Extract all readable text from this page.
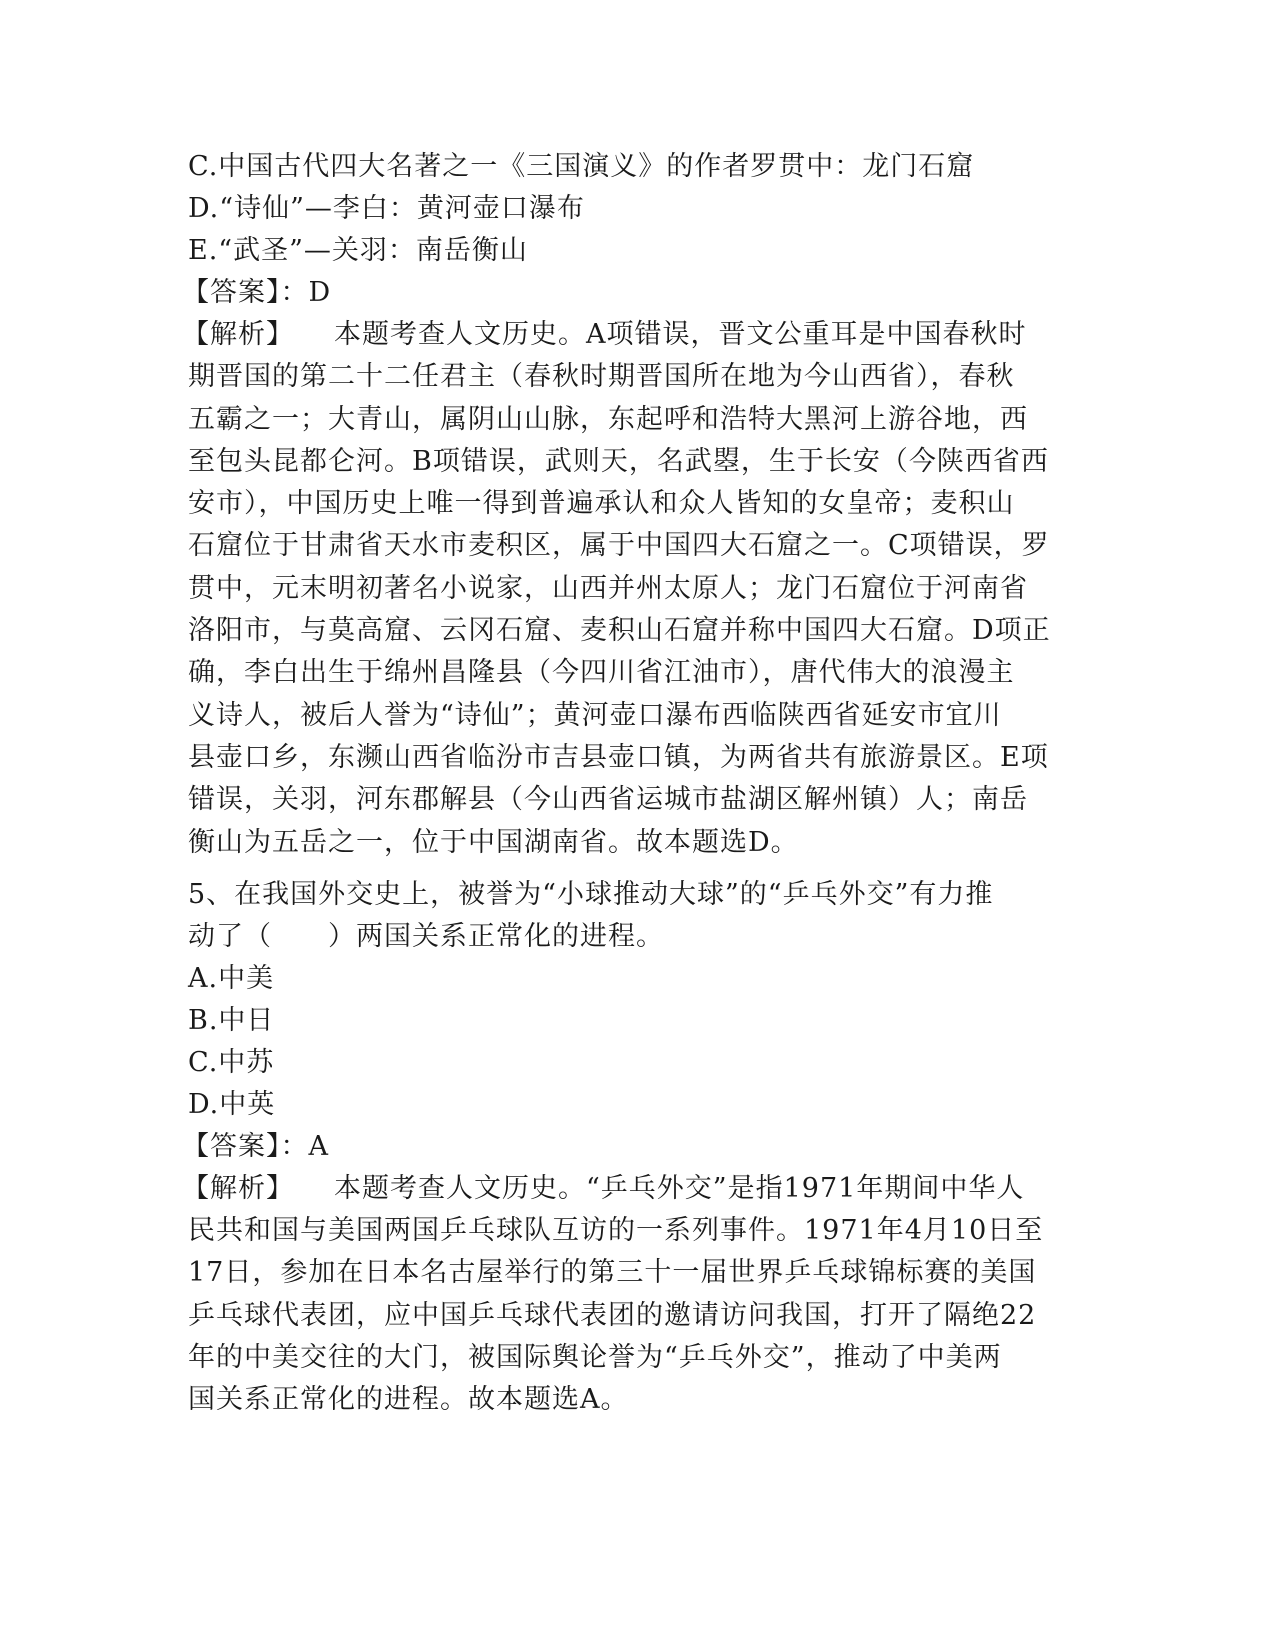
C.中国古代四大名著之一《三国演义》的作者罗贯中：龙门石窟
D.“诗仙”—李白：黄河壶口瀑布
E.“武圣”—关羽：南岳衡山
【答案】：D
【解析】 本题考查人文历史。A项错误，晋文公重耳是中国春秋时
期晋国的第二十二任君主（春秋时期晋国所在地为今山西省），春秋
五霸之一；大青山，属阴山山脉，东起呼和浩特大黑河上游谷地，西
至包头昆都仑河。B项错误，武则天，名武曌，生于长安（今陕西省西
安市），中国历史上唯一得到普遍承认和众人皆知的女皇帝；麦积山
石窟位于甘肃省天水市麦积区，属于中国四大石窟之一。C项错误，罗
贯中，元末明初著名小说家，山西并州太原人；龙门石窟位于河南省
洛阳市，与莫高窟、云冈石窟、麦积山石窟并称中国四大石窟。D项正
确，李白出生于绵州昌隆县（今四川省江油市），唐代伟大的浪漫主
义诗人，被后人誉为“诗仙”；黄河壶口瀑布西临陕西省延安市宜川
县壶口乡，东濒山西省临汾市吉县壶口镇，为两省共有旅游景区。E项
错误，关羽，河东郡解县（今山西省运城市盐湖区解州镇）人；南岳
衡山为五岳之一，位于中国湖南省。故本题选D。
5、在我国外交史上，被誉为“小球推动大球”的“乒乓外交”有力推
动了（　　）两国关系正常化的进程。
A.中美
B.中日
C.中苏
D.中英
【答案】：A
【解析】 本题考查人文历史。“乒乓外交”是指1971年期间中华人
民共和国与美国两国乒乓球队互访的一系列事件。1971年4月10日至
17日，参加在日本名古屋举行的第三十一届世界乒乓球锦标赛的美国
乒乓球代表团，应中国乒乓球代表团的邀请访问我国，打开了隔绝22
年的中美交往的大门，被国际舆论誉为“乒乓外交”，推动了中美两
国关系正常化的进程。故本题选A。
